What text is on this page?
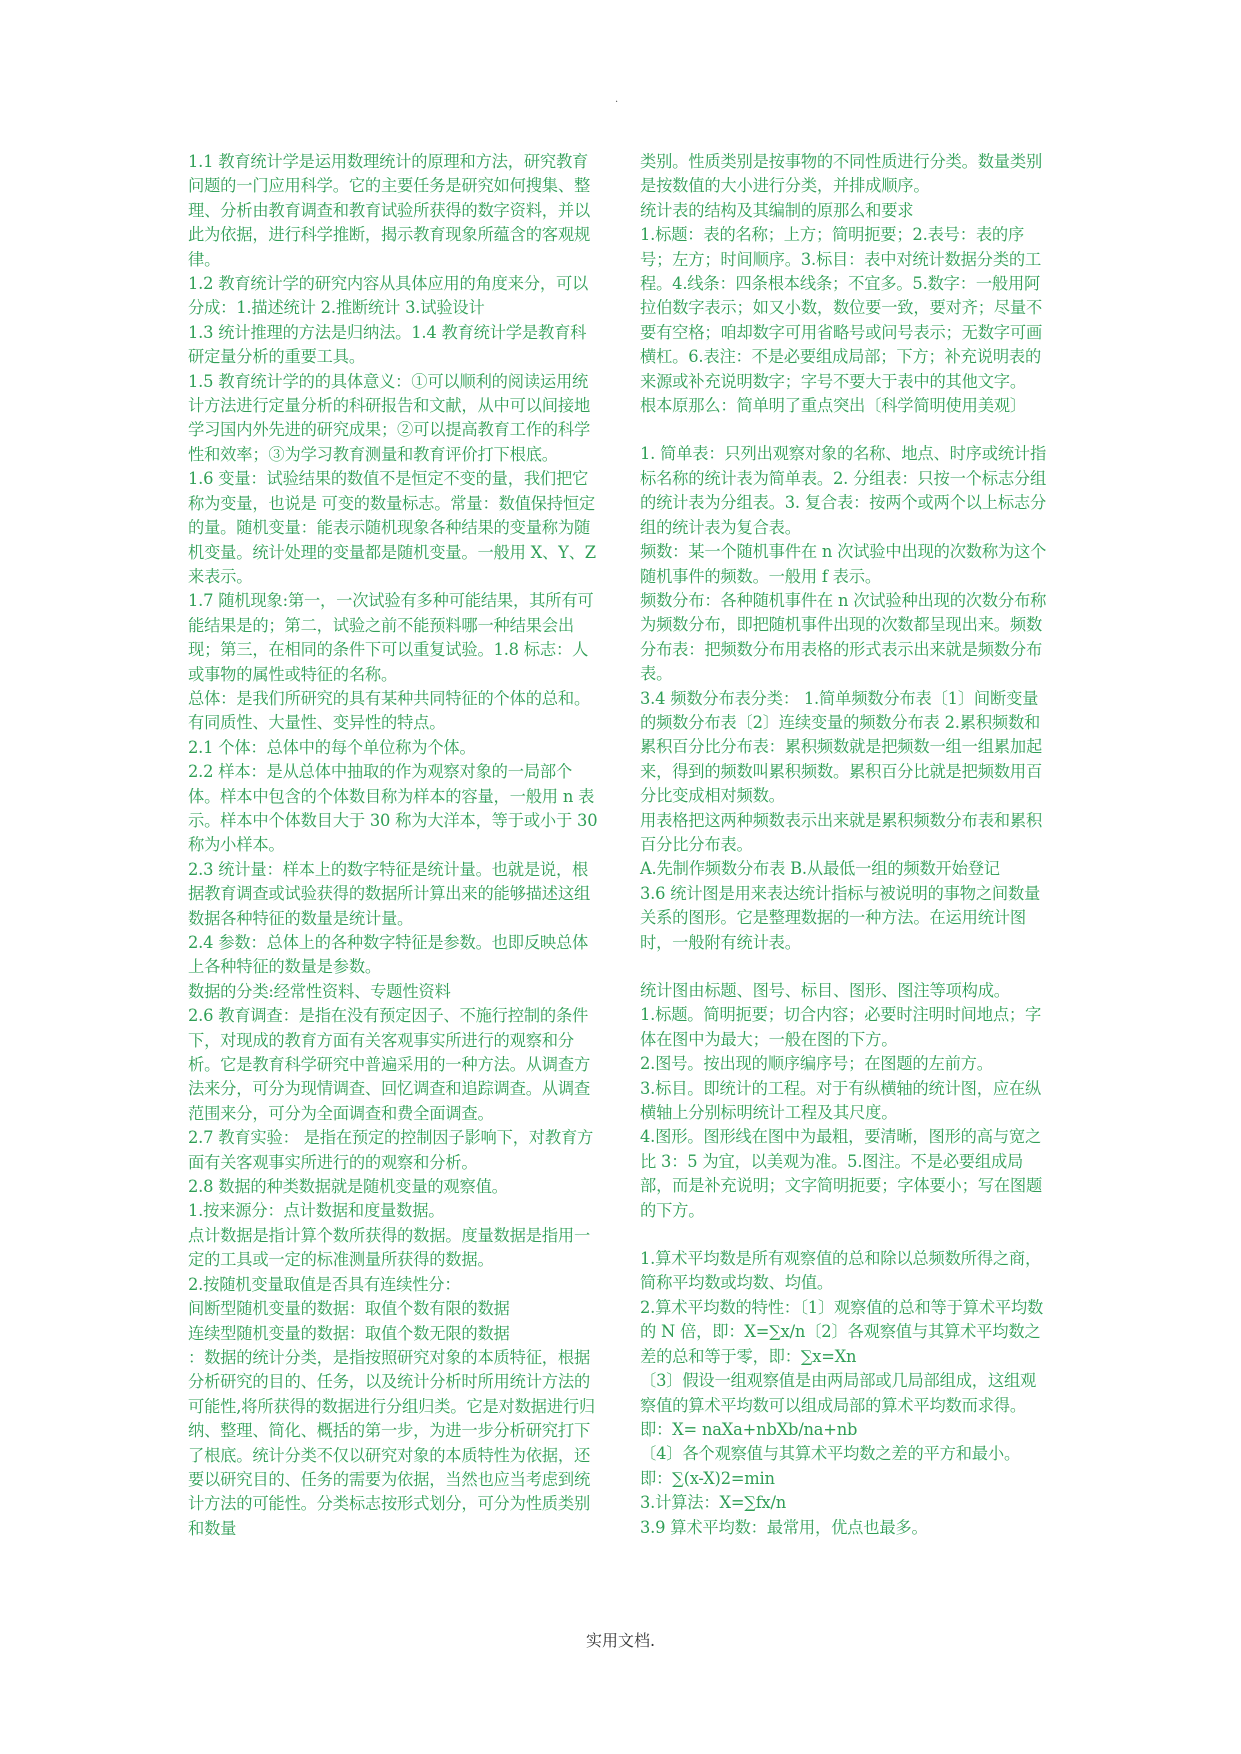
.

1.1 教育统计学是运用数理统计的原理和方法，研究教育问题的一门应用科学。它的主要任务是研究如何搜集、整理、分析由教育调查和教育试验所获得的数字资料，并以此为依据，进行科学推断，揭示教育现象所蕴含的客观规律。

1.2 教育统计学的研究内容从具体应用的角度来分，可以分成：1.描述统计 2.推断统计 3.试验设计

1.3 统计推理的方法是归纳法。1.4 教育统计学是教育科研定量分析的重要工具。

1.5 教育统计学的的具体意义：①可以顺利的阅读运用统计方法进行定量分析的科研报告和文献，从中可以间接地学习国内外先进的研究成果；②可以提高教育工作的科学性和效率；③为学习教育测量和教育评价打下根底。

1.6 变量：试验结果的数值不是恒定不变的量，我们把它称为变量，也说是 可变的数量标志。常量：数值保持恒定的量。随机变量：能表示随机现象各种结果的变量称为随机变量。统计处理的变量都是随机变量。一般用 X、Y、Z 来表示。

1.7 随机现象:第一，一次试验有多种可能结果，其所有可能结果是的；第二，试验之前不能预料哪一种结果会出现；第三，在相同的条件下可以重复试验。1.8 标志：人或事物的属性或特征的名称。

总体：是我们所研究的具有某种共同特征的个体的总和。有同质性、大量性、变异性的特点。

2.1 个体：总体中的每个单位称为个体。

2.2 样本：是从总体中抽取的作为观察对象的一局部个体。样本中包含的个体数目称为样本的容量，一般用 n 表示。样本中个体数目大于 30 称为大洋本，等于或小于 30 称为小样本。

2.3 统计量：样本上的数字特征是统计量。也就是说，根据教育调查或试验获得的数据所计算出来的能够描述这组数据各种特征的数量是统计量。

2.4 参数：总体上的各种数字特征是参数。也即反映总体上各种特征的数量是参数。

数据的分类:经常性资料、专题性资料

2.6 教育调查：是指在没有预定因子、不施行控制的条件下，对现成的教育方面有关客观事实所进行的观察和分析。它是教育科学研究中普遍采用的一种方法。从调查方法来分，可分为现情调查、回忆调查和追踪调查。从调查范围来分，可分为全面调查和费全面调查。

2.7 教育实验： 是指在预定的控制因子影响下，对教育方面有关客观事实所进行的的观察和分析。

2.8 数据的种类数据就是随机变量的观察值。

1.按来源分：点计数据和度量数据。

点计数据是指计算个数所获得的数据。度量数据是指用一定的工具或一定的标准测量所获得的数据。

2.按随机变量取值是否具有连续性分：

间断型随机变量的数据：取值个数有限的数据

连续型随机变量的数据：取值个数无限的数据

：数据的统计分类，是指按照研究对象的本质特征，根据分析研究的目的、任务，以及统计分析时所用统计方法的可能性,将所获得的数据进行分组归类。它是对数据进行归纳、整理、简化、概括的第一步，为进一步分析研究打下了根底。统计分类不仅以研究对象的本质特性为依据，还要以研究目的、任务的需要为依据，当然也应当考虑到统计方法的可能性。分类标志按形式划分，可分为性质类别和数量

类别。性质类别是按事物的不同性质进行分类。数量类别是按数值的大小进行分类，并排成顺序。

统计表的结构及其编制的原那么和要求

1.标题：表的名称；上方；简明扼要；2.表号：表的序号；左方；时间顺序。3.标目：表中对统计数据分类的工程。4.线条：四条根本线条；不宜多。5.数字：一般用阿拉伯数字表示；如又小数，数位要一致，要对齐；尽量不要有空格；咱却数字可用省略号或问号表示；无数字可画横杠。6.表注：不是必要组成局部；下方；补充说明表的来源或补充说明数字；字号不要大于表中的其他文字。

根本原那么：简单明了重点突出〔科学简明使用美观〕

1. 简单表：只列出观察对象的名称、地点、时序或统计指标名称的统计表为简单表。2. 分组表：只按一个标志分组的统计表为分组表。3. 复合表：按两个或两个以上标志分组的统计表为复合表。

频数：某一个随机事件在 n 次试验中出现的次数称为这个随机事件的频数。一般用 f 表示。

频数分布：各种随机事件在 n 次试验种出现的次数分布称为频数分布，即把随机事件出现的次数都呈现出来。频数分布表：把频数分布用表格的形式表示出来就是频数分布表。

3.4 频数分布表分类： 1.简单频数分布表〔1〕间断变量的频数分布表〔2〕连续变量的频数分布表 2.累积频数和累积百分比分布表：累积频数就是把频数一组一组累加起来，得到的频数叫累积频数。累积百分比就是把频数用百分比变成相对频数。

用表格把这两种频数表示出来就是累积频数分布表和累积百分比分布表。

A.先制作频数分布表 B.从最低一组的频数开始登记

3.6 统计图是用来表达统计指标与被说明的事物之间数量关系的图形。它是整理数据的一种方法。在运用统计图时，一般附有统计表。

统计图由标题、图号、标目、图形、图注等项构成。

1.标题。简明扼要；切合内容；必要时注明时间地点；字体在图中为最大；一般在图的下方。

2.图号。按出现的顺序编序号；在图题的左前方。

3.标目。即统计的工程。对于有纵横轴的统计图，应在纵横轴上分别标明统计工程及其尺度。

4.图形。图形线在图中为最粗，要清晰，图形的高与宽之比 3：5 为宜，以美观为准。5.图注。不是必要组成局部，而是补充说明；文字简明扼要；字体要小；写在图题的下方。

1.算术平均数是所有观察值的总和除以总频数所得之商，简称平均数或均数、均值。

2.算术平均数的特性：〔1〕观察值的总和等于算术平均数的 N 倍，即：X=∑x/n〔2〕各观察值与其算术平均数之差的总和等于零，即：∑x=Xn

〔3〕假设一组观察值是由两局部或几局部组成，这组观察值的算术平均数可以组成局部的算术平均数而求得。即：X= naXa+nbXb/na+nb

〔4〕各个观察值与其算术平均数之差的平方和最小。即：∑(x-X)2=min

3.计算法：X=∑fx/n

3.9 算术平均数：最常用，优点也最多。

实用文档.
